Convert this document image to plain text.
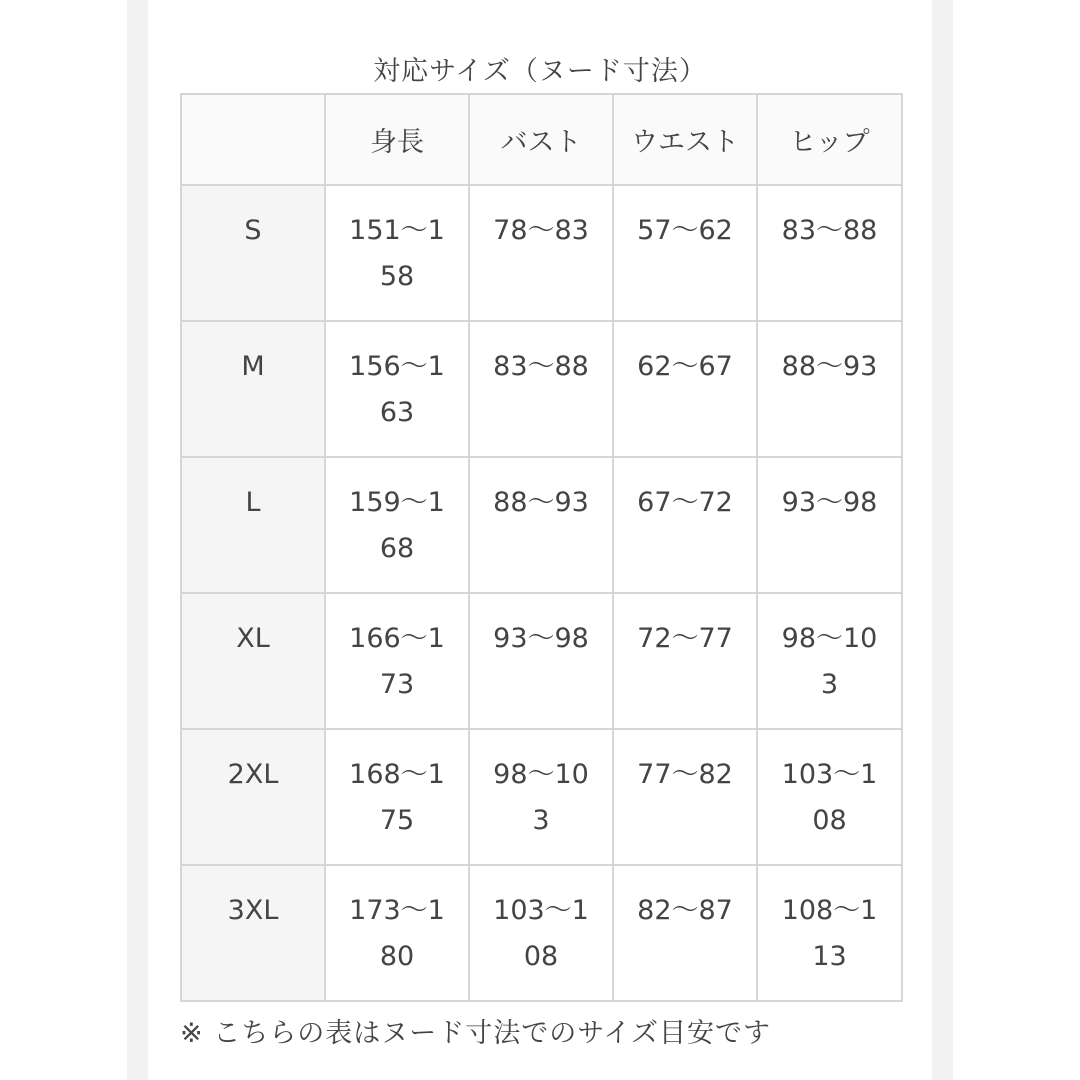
対応サイズ（ヌード寸法）
	身長	バスト	ウエスト	ヒップ

S	151〜158	78〜83	57〜62	83〜88

M	156〜163	83〜88	62〜67	88〜93

L	159〜168	88〜93	67〜72	93〜98

XL	166〜173	93〜98	72〜77	98〜103

2XL	168〜175	98〜103	77〜82	103〜108

3XL	173〜180	103〜108	82〜87	108〜113
※ こちらの表はヌード寸法でのサイズ目安です
